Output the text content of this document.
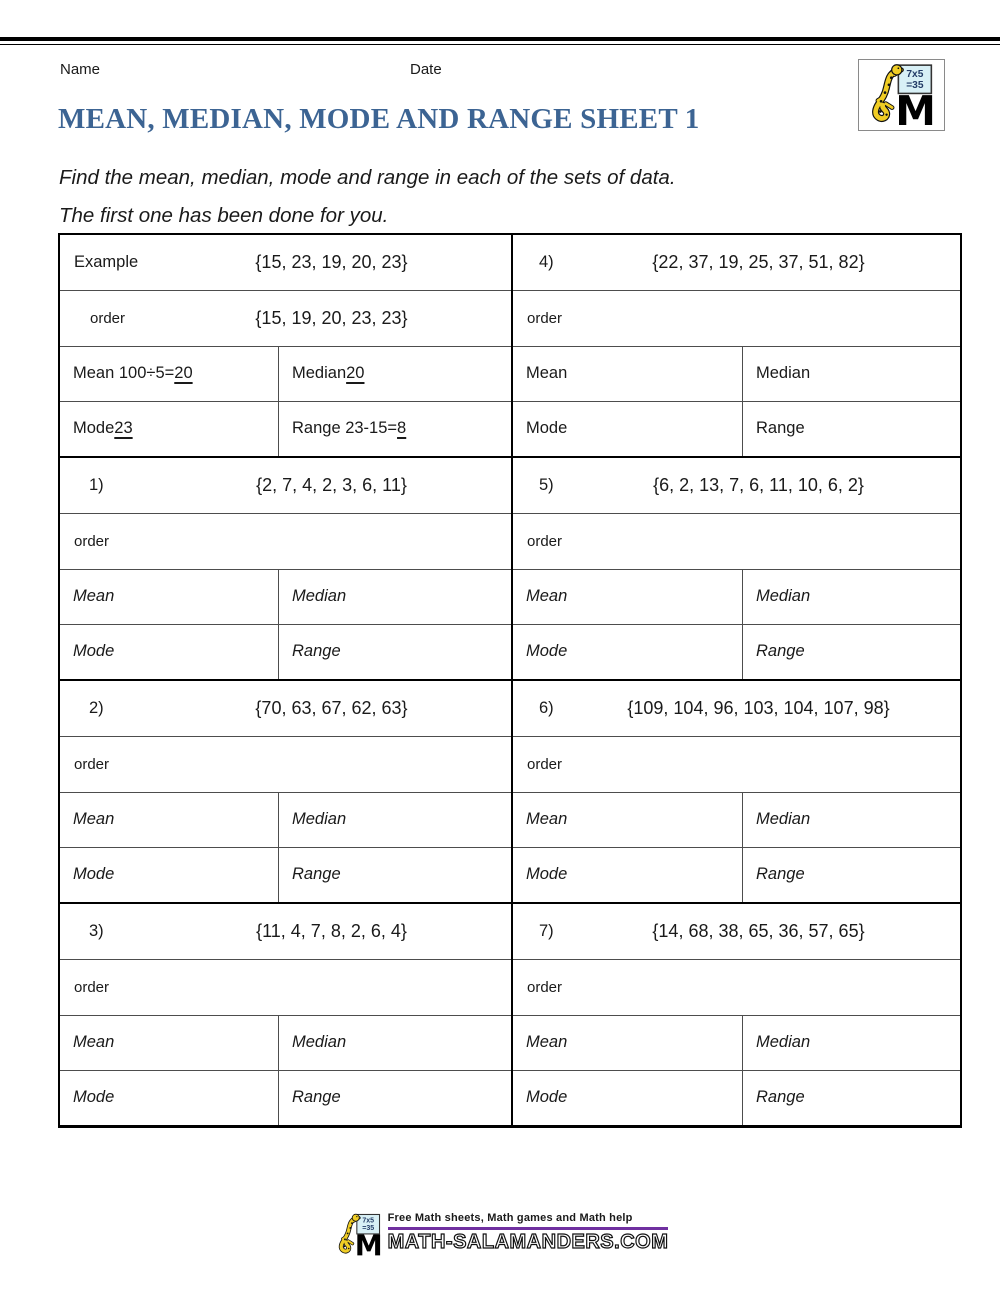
Name	Date
MEAN, MEDIAN, MODE AND RANGE SHEET 1
Find the mean, median, mode and range in each of the sets of data.
The first one has been done for you.
Example	{15, 23, 19, 20, 23}
order	{15, 19, 20, 23, 23}
Mean 100÷5= 20	Median 20
Mode 23	Range 23-15= 8
4)	{22, 37, 19, 25, 37, 51, 82}
order
Mean	Median
Mode	Range
1)	{2, 7, 4, 2, 3, 6, 11}
order
Mean	Median
Mode	Range
5)	{6, 2, 13, 7, 6, 11, 10, 6, 2}
order
Mean	Median
Mode	Range
2)	{70, 63, 67, 62, 63}
order
Mean	Median
Mode	Range
6)	{109, 104, 96, 103, 104, 107, 98}
order
Mean	Median
Mode	Range
3)	{11, 4, 7, 8, 2, 6, 4}
order
Mean	Median
Mode	Range
7)	{14, 68, 38, 65, 36, 57, 65}
order
Mean	Median
Mode	Range
Free Math sheets, Math games and Math help
MATH-SALAMANDERS.COM
